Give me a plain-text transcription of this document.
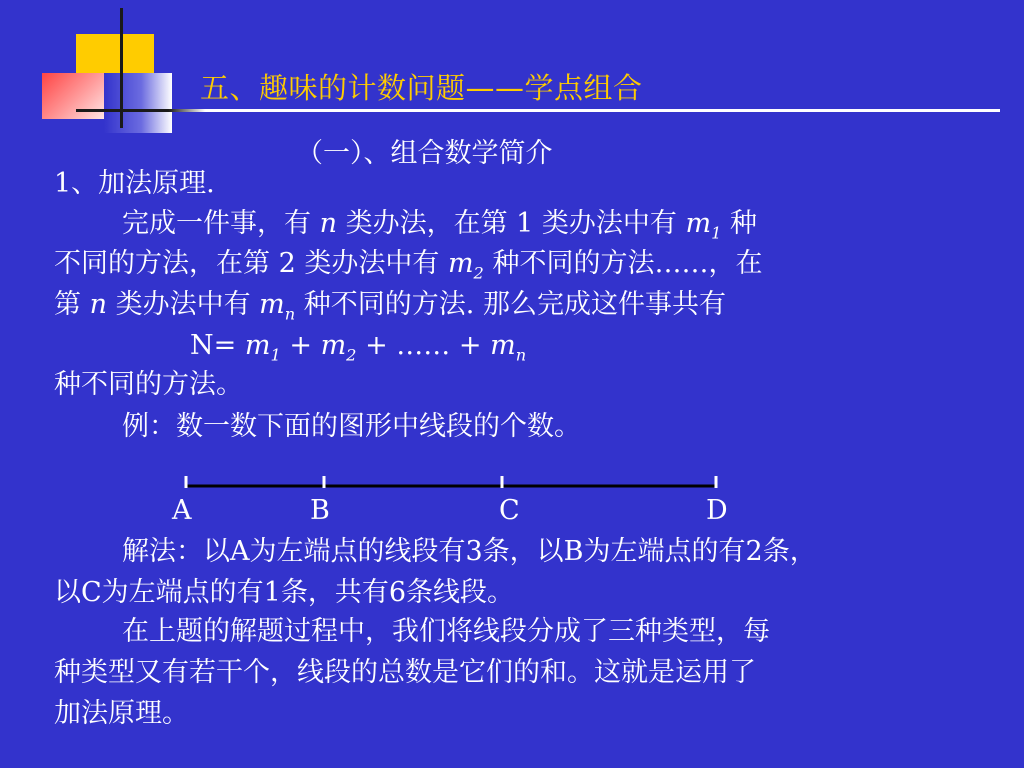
五、趣味的计数问题——学点组合
（一）、组合数学简介
1、加法原理.
完成一件事，有 n 类办法，在第 1 类办法中有 $m_1$ 种
不同的方法，在第 2 类办法中有 $m_2$ 种不同的方法……，在
第 n 类办法中有 $m_n$ 种不同的方法. 那么完成这件事共有
$N= m_1 + m_2$ + …… + $m_n$
种不同的方法。
例：数一数下面的图形中线段的个数。
A	B	C	D
解法：以A为左端点的线段有3条，以B为左端点的有2条，
以C为左端点的有1条，共有6条线段。
在上题的解题过程中，我们将线段分成了三种类型，每
种类型又有若干个，线段的总数是它们的和。这就是运用了
加法原理。
